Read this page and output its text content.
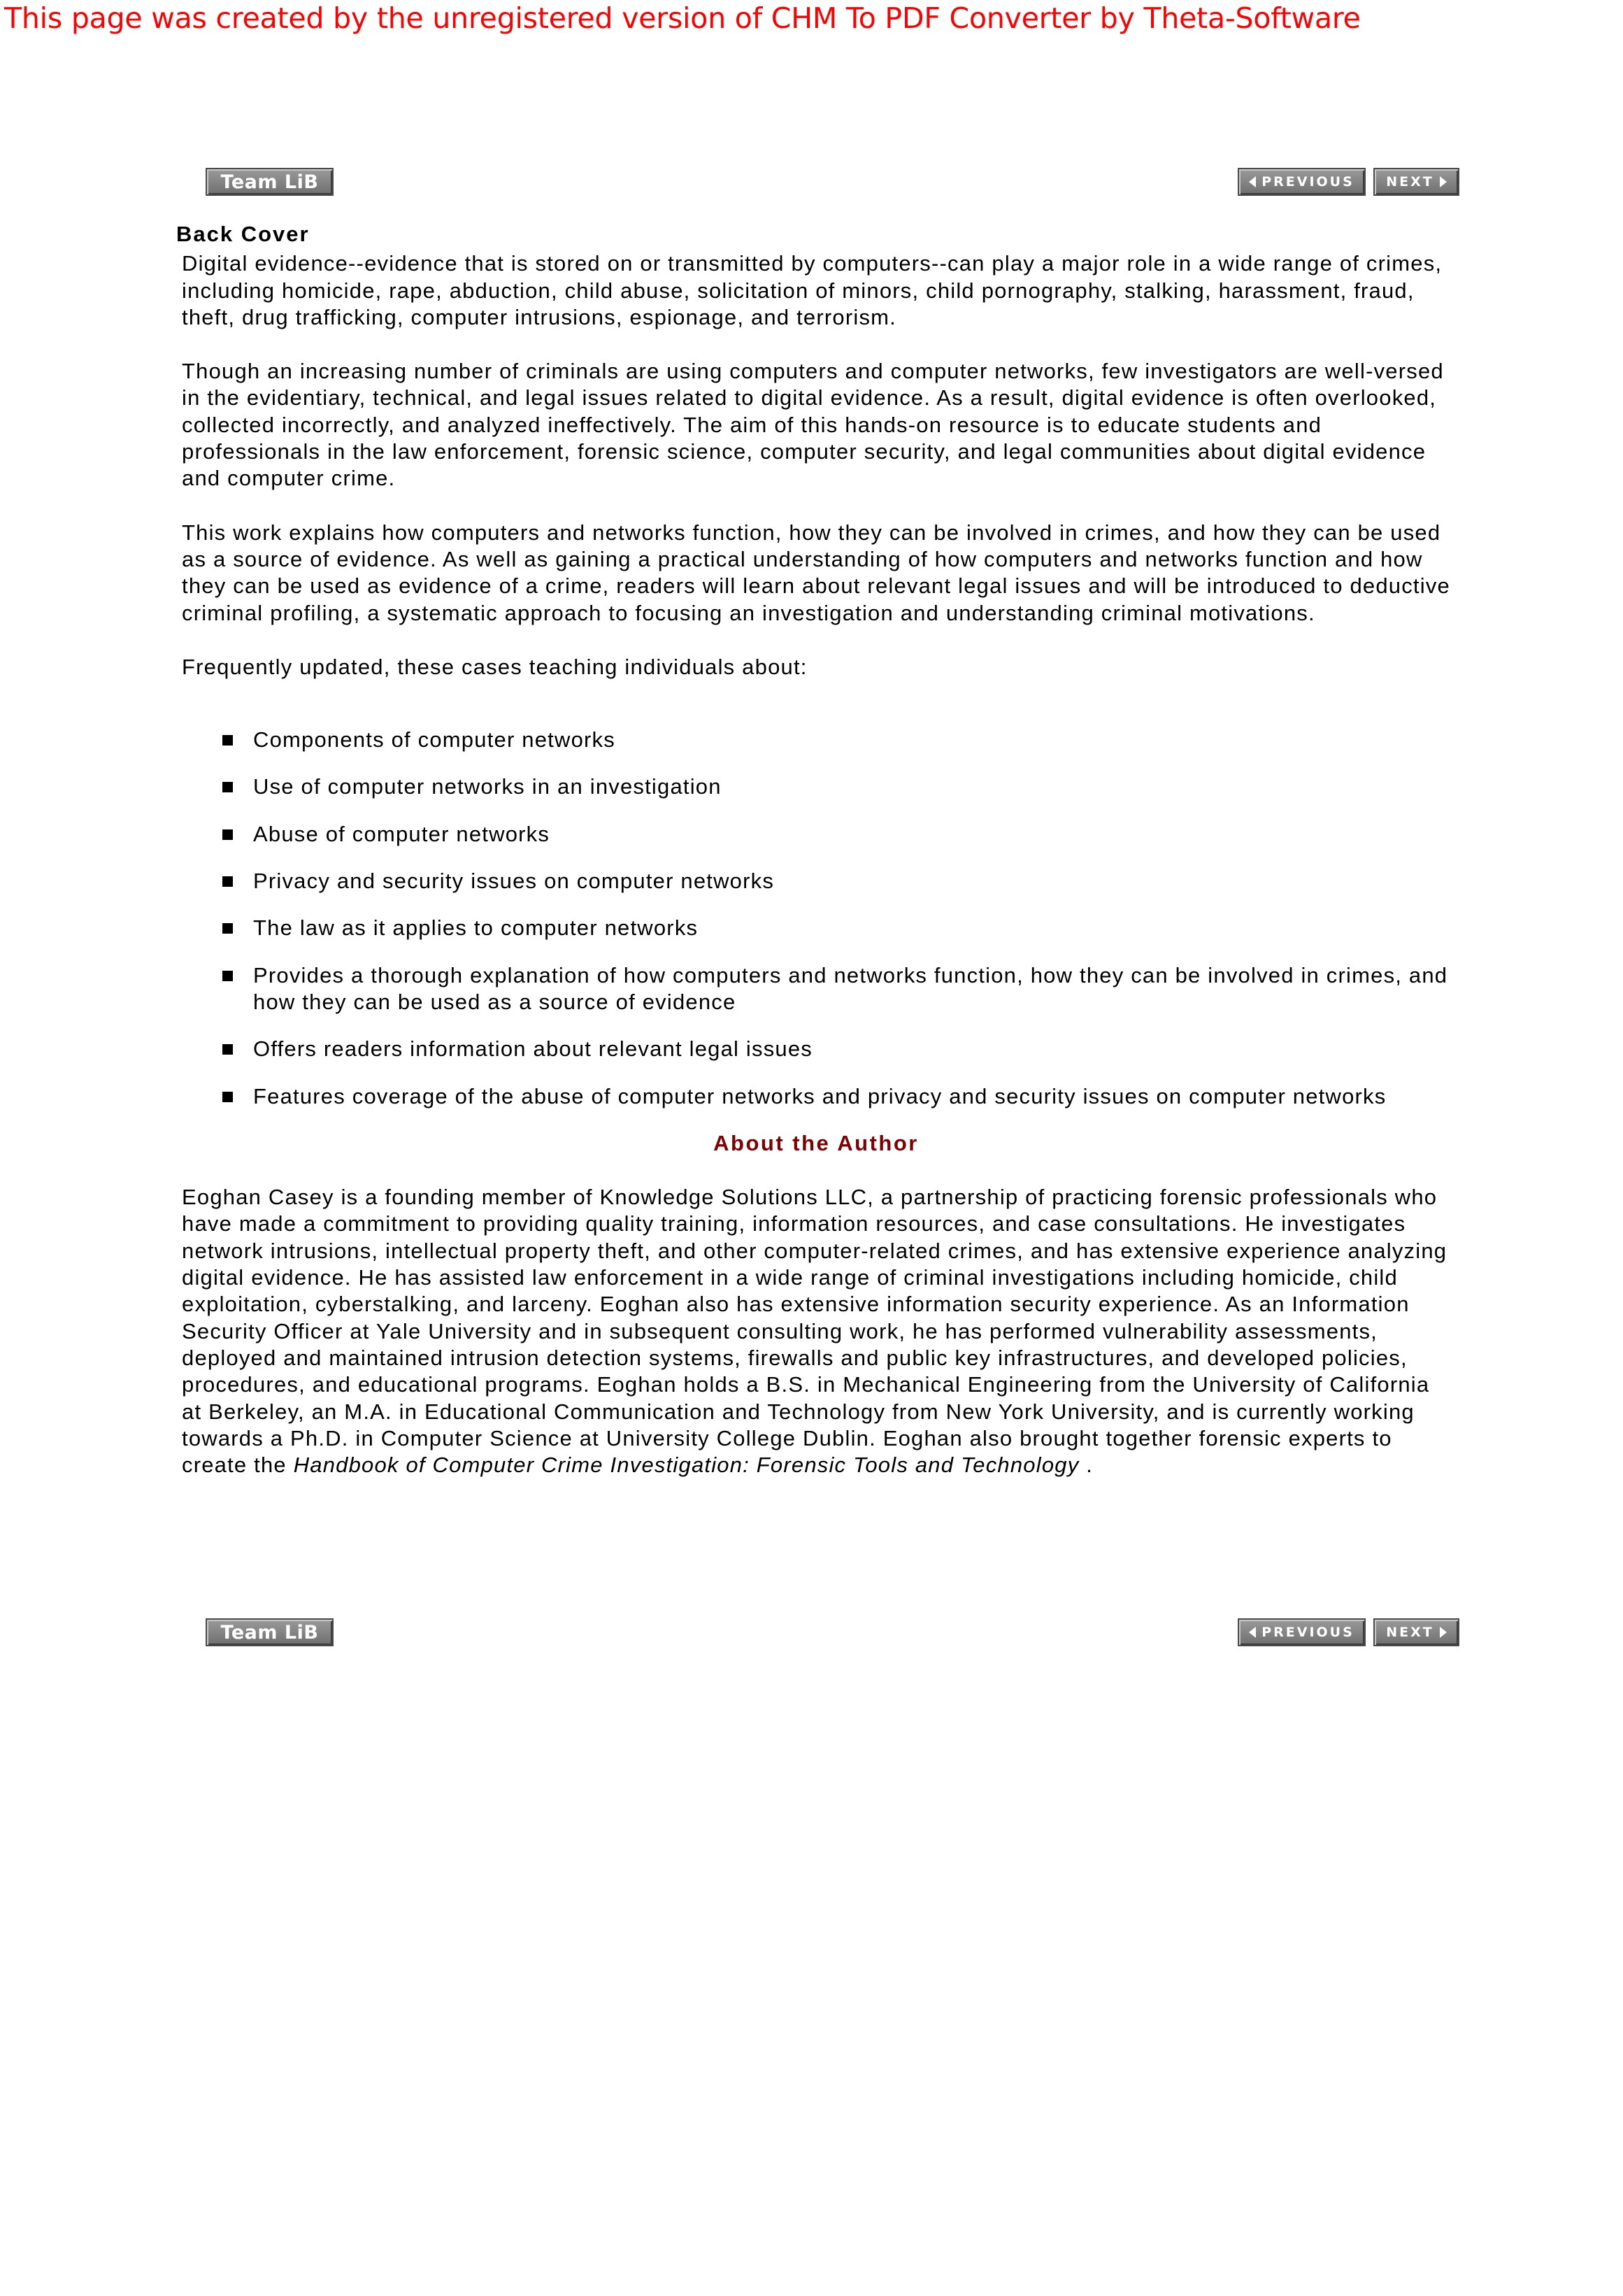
This page was created by the unregistered version of CHM To PDF Converter by Theta-Software
Team LiB	PREVIOUS NEXT
Back Cover

Digital evidence--evidence that is stored on or transmitted by computers--can play a major role in a wide range of crimes, including homicide, rape, abduction, child abuse, solicitation of minors, child pornography, stalking, harassment, fraud, theft, drug trafficking, computer intrusions, espionage, and terrorism.

Though an increasing number of criminals are using computers and computer networks, few investigators are well-versed in the evidentiary, technical, and legal issues related to digital evidence. As a result, digital evidence is often overlooked, collected incorrectly, and analyzed ineffectively. The aim of this hands-on resource is to educate students and professionals in the law enforcement, forensic science, computer security, and legal communities about digital evidence and computer crime.

This work explains how computers and networks function, how they can be involved in crimes, and how they can be used as a source of evidence. As well as gaining a practical understanding of how computers and networks function and how they can be used as evidence of a crime, readers will learn about relevant legal issues and will be introduced to deductive criminal profiling, a systematic approach to focusing an investigation and understanding criminal motivations.

Frequently updated, these cases teaching individuals about:

Components of computer networks
Use of computer networks in an investigation
Abuse of computer networks
Privacy and security issues on computer networks
The law as it applies to computer networks
Provides a thorough explanation of how computers and networks function, how they can be involved in crimes, and how they can be used as a source of evidence
Offers readers information about relevant legal issues
Features coverage of the abuse of computer networks and privacy and security issues on computer networks
About the Author

Eoghan Casey is a founding member of Knowledge Solutions LLC, a partnership of practicing forensic professionals who have made a commitment to providing quality training, information resources, and case consultations. He investigates network intrusions, intellectual property theft, and other computer-related crimes, and has extensive experience analyzing digital evidence. He has assisted law enforcement in a wide range of criminal investigations including homicide, child exploitation, cyberstalking, and larceny. Eoghan also has extensive information security experience. As an Information Security Officer at Yale University and in subsequent consulting work, he has performed vulnerability assessments, deployed and maintained intrusion detection systems, firewalls and public key infrastructures, and developed policies, procedures, and educational programs. Eoghan holds a B.S. in Mechanical Engineering from the University of California at Berkeley, an M.A. in Educational Communication and Technology from New York University, and is currently working towards a Ph.D. in Computer Science at University College Dublin. Eoghan also brought together forensic experts to create the Handbook of Computer Crime Investigation: Forensic Tools and Technology .

Team LiB	PREVIOUS NEXT
